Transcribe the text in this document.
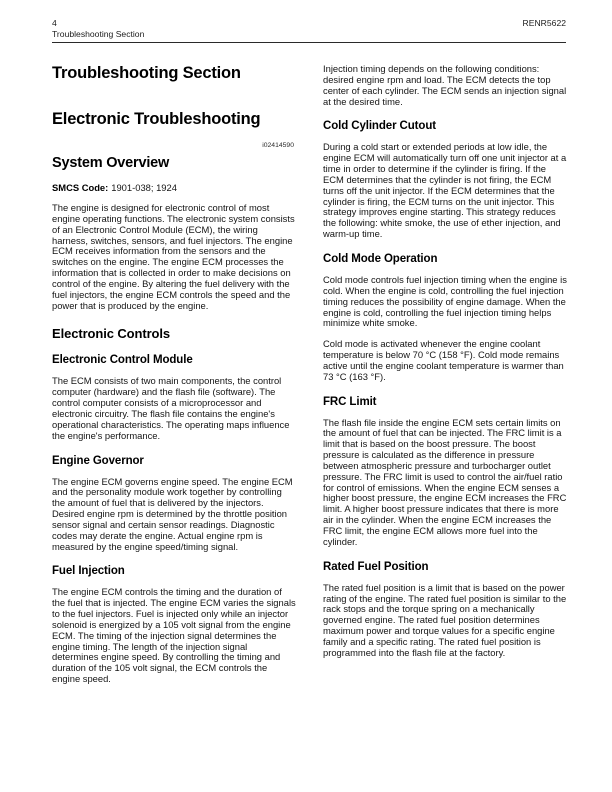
4	RENR5622
Troubleshooting Section
Troubleshooting Section
Electronic Troubleshooting
i02414590
System Overview
SMCS Code: 1901-038; 1924

The engine is designed for electronic control of most engine operating functions. The electronic system consists of an Electronic Control Module (ECM), the wiring harness, switches, sensors, and fuel injectors. The engine ECM receives information from the sensors and the switches on the engine. The engine ECM processes the information that is collected in order to make decisions on control of the engine. By altering the fuel delivery with the fuel injectors, the engine ECM controls the speed and the power that is produced by the engine.

Electronic Controls
Electronic Control Module

The ECM consists of two main components, the control computer (hardware) and the flash file (software). The control computer consists of a microprocessor and electronic circuitry. The flash file contains the engine's operational characteristics. The operating maps influence the engine's performance.

Engine Governor

The engine ECM governs engine speed. The engine ECM and the personality module work together by controlling the amount of fuel that is delivered by the injectors. Desired engine rpm is determined by the throttle position sensor signal and certain sensor readings. Diagnostic codes may derate the engine. Actual engine rpm is measured by the engine speed/timing signal.

Fuel Injection

The engine ECM controls the timing and the duration of the fuel that is injected. The engine ECM varies the signals to the fuel injectors. Fuel is injected only while an injector solenoid is energized by a 105 volt signal from the engine ECM. The timing of the injection signal determines the engine timing. The length of the injection signal determines engine speed. By controlling the timing and duration of the 105 volt signal, the ECM controls the engine speed.

Injection timing depends on the following conditions: desired engine rpm and load. The ECM detects the top center of each cylinder. The ECM sends an injection signal at the desired time.

Cold Cylinder Cutout

During a cold start or extended periods at low idle, the engine ECM will automatically turn off one unit injector at a time in order to determine if the cylinder is firing. If the ECM determines that the cylinder is not firing, the ECM turns off the unit injector. If the ECM determines that the cylinder is firing, the ECM turns on the unit injector. This strategy improves engine starting. This strategy reduces the following: white smoke, the use of ether injection, and warm-up time.

Cold Mode Operation

Cold mode controls fuel injection timing when the engine is cold. When the engine is cold, controlling the fuel injection timing reduces the possibility of engine damage. When the engine is cold, controlling the fuel injection timing helps minimize white smoke.

Cold mode is activated whenever the engine coolant temperature is below 70 °C (158 °F). Cold mode remains active until the engine coolant temperature is warmer than 73 °C (163 °F).

FRC Limit

The flash file inside the engine ECM sets certain limits on the amount of fuel that can be injected. The FRC limit is a limit that is based on the boost pressure. The boost pressure is calculated as the difference in pressure between atmospheric pressure and turbocharger outlet pressure. The FRC limit is used to control the air/fuel ratio for control of emissions. When the engine ECM senses a higher boost pressure, the engine ECM increases the FRC limit. A higher boost pressure indicates that there is more air in the cylinder. When the engine ECM increases the FRC limit, the engine ECM allows more fuel into the cylinder.

Rated Fuel Position

The rated fuel position is a limit that is based on the power rating of the engine. The rated fuel position is similar to the rack stops and the torque spring on a mechanically governed engine. The rated fuel position determines maximum power and torque values for a specific engine family and a specific rating. The rated fuel position is programmed into the flash file at the factory.
